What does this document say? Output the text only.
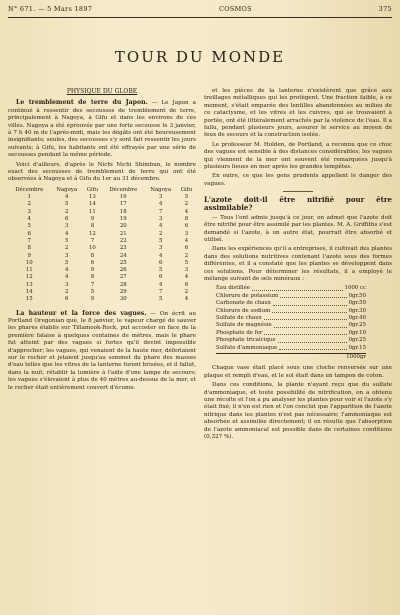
N° 671. — 5 Mars 1897	COSMOS	375
TOUR DU MONDE
PHYSIQUE DU GLOBE

Le tremblement de terre du Japon. — Le Japon a continué à ressentir des secousses de tremblement de terre, principalement à Nagoya, à Gifu et dans les environs de ces villes. Nagoya a été éprouvée par une forte secousse le 3 janvier, à 7 h 40 m de l'après-midi, mais les dégâts ont été heureusement insignifiants; seules, des secousses s'y sont fait ressentir les jours suivants; à Gifu, les habitants ont été effrayés par une série de secousses pendant la même période.

Voici d'ailleurs, d'après le Nichi Nichi Shimbun, le nombre exact des secousses de tremblement de terre qui ont été observées à Nagoya et à Gifu du 1er au 31 décembre.

Décembre	Nagoya	Gifu	Décembre	Nagoya	Gifu
1	4	13	16	3	5
2	5	14	17	4	2
3	2	11	18	7	4
4	6	9	19	3	8
5	3	8	20	4	6
6	4	12	21	2	3
7	5	7	22	5	4
8	2	10	23	3	6
9	3	8	24	4	2
10	5	6	25	6	5
11	4	9	26	5	3
12	4	8	27	6	4
13	3	7	28	4	6
14	2	5	29	7	2
15	6	9	30	5	4

La hauteur et la force des vagues. — On écrit au Portland Oregonian que, le 8 janvier, le vapeur chargé de sauver les phares établis sur Tillamook-Rock, put accoster en face de la première falaise à quelques centaines de mètres, mais le phare fut atteint par des vagues si fortes qu'il devint impossible d'approcher; les vagues, qui venaient de la haute mer, déferlaient sur le rocher et jetaient jusqu'au sommet du phare des masses d'eau telles que les vitres de la lanterne furent brisées, et il fallut, dans la nuit, rétablir la lumière à l'aide d'une lampe de secours; les vagues s'élevaient à plus de 40 mètres au-dessus de la mer, et le rocher était entièrement couvert d'écume.

et les pièces de la lanterne n'existèrent que grâce aux treillages métalliques qui les protègent. Une fraction faible, à ce moment, s'était emparée des lentilles abandonnées au milieu de ce cataclysme, et les vitres et les cuivres, qui se trouvaient à portée, ont été littéralement arrachés par la violence de l'eau. Il a fallu, pendant plusieurs jours, assurer le service au moyen de feux de secours et la construction isolée.

Le professeur M. Holden, de Portland, a reconnu que ce choc des vagues est sensible à des distances considérables; les vagues qui viennent de la mer ont souvent été remarquées jusqu'à plusieurs lieues en mer après les grandes tempêtes.

En outre, ce que les gens prudents appellent le danger des vagues.

L'azote doit-il être nitrifié pour être assimilable?

— Tous l'ont admis jusqu'à ce jour, on admet que l'azote doit être nitrifié pour être assimilé par les plantes. M. A. Griffiths s'est demandé si l'azote, à un autre état, pourrait être absorbé et utilisé.

Dans les expériences qu'il a entreprises, il cultivait des plantes dans des solutions nutritives contenant l'azote sous des formes différentes, et il a constaté que les plantes se développent dans ces solutions. Pour déterminer les résultats, il a employé le mélange suivant de sels minéraux :

Eau distillée	1000 cc
Chlorure de potassium	0gr.50
Carbonate de chaux	0gr.50
Chlorure de sodium	0gr.30
Sulfate de chaux	0gr.40
Sulfate de magnésie	0gr.25
Phosphate de fer	0gr.10
Phosphate tricalcique	0gr.25
Sulfate d'ammoniaque	0gr.15
1000gr

Chaque vase était placé sous une cloche renversée sur une plaque et rempli d'eau, et le sol était dans un tampon de coton.

Dans ces conditions, la plante n'ayant reçu que du sulfate d'ammoniaque, et toute possibilité de nitrification, on a obtenu une récolte et l'on a pu analyser les plantes pour voir si l'azote s'y était fixé; il n'en est rien et l'on conclut que l'apparition de l'azote nitrique dans les plantes n'est pas nécessaire; l'ammoniaque est absorbée et assimilée directement; il en résulte que l'absorption de l'azote ammoniacal est possible dans de certaines conditions (0,327 %).
